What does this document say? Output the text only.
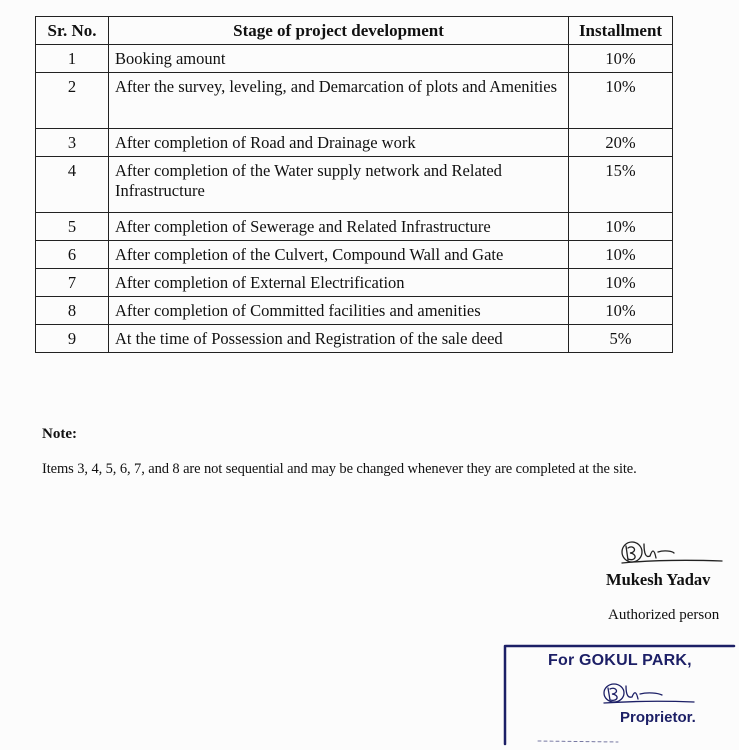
Sr. No.	Stage of project development	Installment
1	Booking amount	10%
2	After the survey, leveling, and Demarcation of plots and Amenities	10%
3	After completion of Road and Drainage work	20%
4	After completion of the Water supply network and Related Infrastructure	15%
5	After completion of Sewerage and Related Infrastructure	10%
6	After completion of the Culvert, Compound Wall and Gate	10%
7	After completion of External Electrification	10%
8	After completion of Committed facilities and amenities	10%
9	At the time of Possession and Registration of the sale deed	5%
Note:
Items 3, 4, 5, 6, 7, and 8 are not sequential and may be changed whenever they are completed at the site.
Mukesh Yadav
Authorized person
For GOKUL PARK,
Proprietor.
